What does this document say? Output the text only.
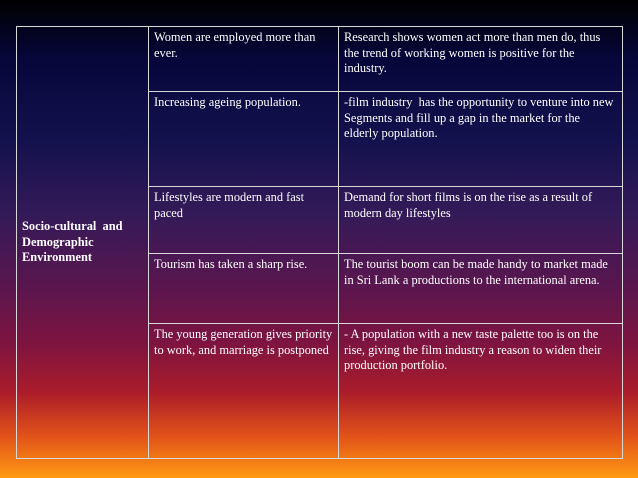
Socio-cultural  and Demographic Environment	Women are employed more than ever.	Research shows women act more than men do, thus the trend of working women is positive for the industry.
	Increasing ageing population.	-film industry  has the opportunity to venture into new   Segments and fill up a gap in the market for the elderly population.
	Lifestyles are modern and fast paced	Demand for short films is on the rise as a result of modern day lifestyles
	Tourism has taken a sharp rise.	The tourist boom can be made handy to market made in Sri Lank a productions to the international arena.
	The young generation gives priority to work, and marriage is postponed	- A population with a new taste palette too is on the rise, giving the film industry a reason to widen their production portfolio.
